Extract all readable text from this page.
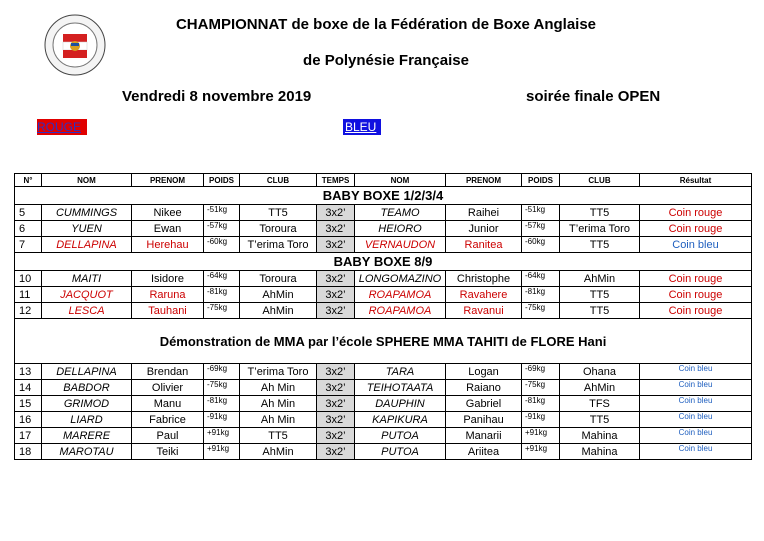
CHAMPIONNAT de boxe de la Fédération de Boxe Anglaise
de Polynésie Française
Vendredi 8 novembre 2019	soirée finale OPEN
ROUGE	BLEU
N°	NOM	PRENOM	POIDS	CLUB	TEMPS	NOM	PRENOM	POIDS	CLUB	Résultat
BABY BOXE 1/2/3/4										
5	CUMMINGS	Nikee	-51kg	TT5	3x2’	TEAMO	Raihei	-51kg	TT5	Coin rouge
6	YUEN	Ewan	-57kg	Toroura	3x2’	HEIORO	Junior	-57kg	T’erima Toro	Coin rouge
7	DELLAPINA	Herehau	-60kg	T’erima Toro	3x2’	VERNAUDON	Ranitea	-60kg	TT5	Coin bleu
BABY BOXE 8/9										
10	MAITI	Isidore	-64kg	Toroura	3x2’	LONGOMAZINO	Christophe	-64kg	AhMin	Coin rouge
11	JACQUOT	Raruna	-81kg	AhMin	3x2’	ROAPAMOA	Ravahere	-81kg	TT5	Coin rouge
12	LESCA	Tauhani	-75kg	AhMin	3x2’	ROAPAMOA	Ravanui	-75kg	TT5	Coin rouge
Démonstration de MMA par l’école SPHERE MMA TAHITI de FLORE Hani										
13	DELLAPINA	Brendan	-69kg	T’erima Toro	3x2’	TARA	Logan	-69kg	Ohana	Coin bleu
14	BABDOR	Olivier	-75kg	Ah Min	3x2’	TEIHOTAATA	Raiano	-75kg	AhMin	Coin bleu
15	GRIMOD	Manu	-81kg	Ah Min	3x2’	DAUPHIN	Gabriel	-81kg	TFS	Coin bleu
16	LIARD	Fabrice	-91kg	Ah Min	3x2’	KAPIKURA	Panihau	-91kg	TT5	Coin bleu
17	MARERE	Paul	+91kg	TT5	3x2’	PUTOA	Manarii	+91kg	Mahina	Coin bleu
18	MAROTAU	Teiki	+91kg	AhMin	3x2’	PUTOA	Ariitea	+91kg	Mahina	Coin bleu
